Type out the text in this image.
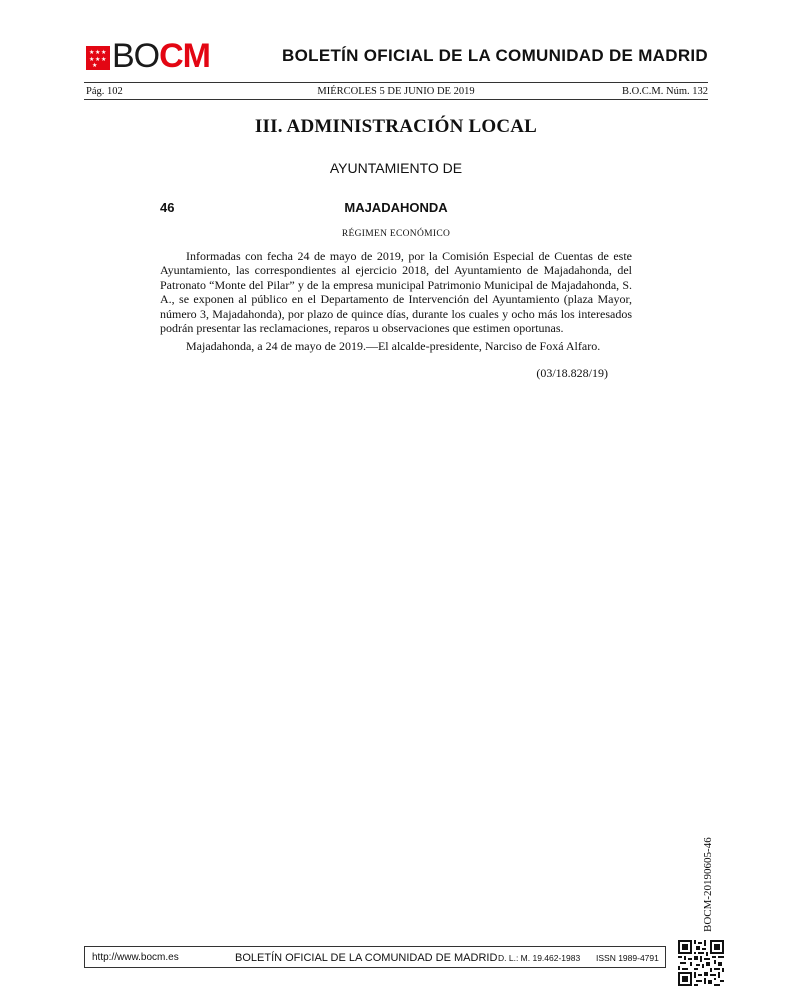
★ ★ ★
★ ★ ★
★ BOCM	BOLETÍN OFICIAL DE LA COMUNIDAD DE MADRID
Pág. 102	MIÉRCOLES 5 DE JUNIO DE 2019	B.O.C.M. Núm. 132
III. ADMINISTRACIÓN LOCAL
AYUNTAMIENTO DE
46	MAJADAHONDA
RÉGIMEN ECONÓMICO

Informadas con fecha 24 de mayo de 2019, por la Comisión Especial de Cuentas de este Ayuntamiento, las correspondientes al ejercicio 2018, del Ayuntamiento de Majadahonda, del Patronato “Monte del Pilar” y de la empresa municipal Patrimonio Municipal de Majadahonda, S. A., se exponen al público en el Departamento de Intervención del Ayuntamiento (plaza Mayor, número 3, Majadahonda), por plazo de quince días, durante los cuales y ocho más los interesados podrán presentar las reclamaciones, reparos u observaciones que estimen oportunas.

Majadahonda, a 24 de mayo de 2019.—El alcalde-presidente, Narciso de Foxá Alfaro.

(03/18.828/19)
BOCM-20190605-46
http://www.bocm.es	BOLETÍN OFICIAL DE LA COMUNIDAD DE MADRID D. L.: M. 19.462-1983 ISSN 1989-4791
